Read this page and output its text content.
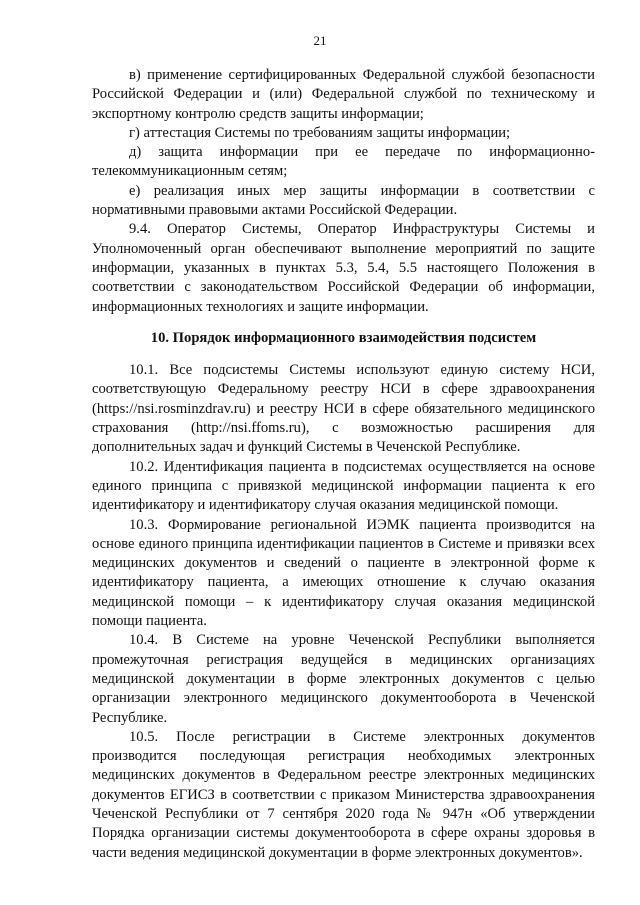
21

в) применение сертифицированных Федеральной службой безопасности Российской Федерации и (или) Федеральной службой по техническому и экспортному контролю средств защиты информации;

г) аттестация Системы по требованиям защиты информации;

д) защита информации при ее передаче по информационно-телекоммуникационным сетям;

е) реализация иных мер защиты информации в соответствии с нормативными правовыми актами Российской Федерации.

9.4. Оператор Системы, Оператор Инфраструктуры Системы и Уполномоченный орган обеспечивают выполнение мероприятий по защите информации, указанных в пунктах 5.3, 5.4, 5.5 настоящего Положения в соответствии с законодательством Российской Федерации об информации, информационных технологиях и защите информации.

10. Порядок информационного взаимодействия подсистем

10.1. Все подсистемы Системы используют единую систему НСИ, соответствующую Федеральному реестру НСИ в сфере здравоохранения (https://nsi.rosminzdrav.ru) и реестру НСИ в сфере обязательного медицинского страхования (http://nsi.ffoms.ru), с возможностью расширения для дополнительных задач и функций Системы в Чеченской Республике.

10.2. Идентификация пациента в подсистемах осуществляется на основе единого принципа с привязкой медицинской информации пациента к его идентификатору и идентификатору случая оказания медицинской помощи.

10.3. Формирование региональной ИЭМК пациента производится на основе единого принципа идентификации пациентов в Системе и привязки всех медицинских документов и сведений о пациенте в электронной форме к идентификатору пациента, а имеющих отношение к случаю оказания медицинской помощи – к идентификатору случая оказания медицинской помощи пациента.

10.4. В Системе на уровне Чеченской Республики выполняется промежуточная регистрация ведущейся в медицинских организациях медицинской документации в форме электронных документов с целью организации электронного медицинского документооборота в Чеченской Республике.

10.5. После регистрации в Системе электронных документов производится последующая регистрация необходимых электронных медицинских документов в Федеральном реестре электронных медицинских документов ЕГИСЗ в соответствии с приказом Министерства здравоохранения Чеченской Республики от 7 сентября 2020 года № 947н «Об утверждении Порядка организации системы документооборота в сфере охраны здоровья в части ведения медицинской документации в форме электронных документов».
